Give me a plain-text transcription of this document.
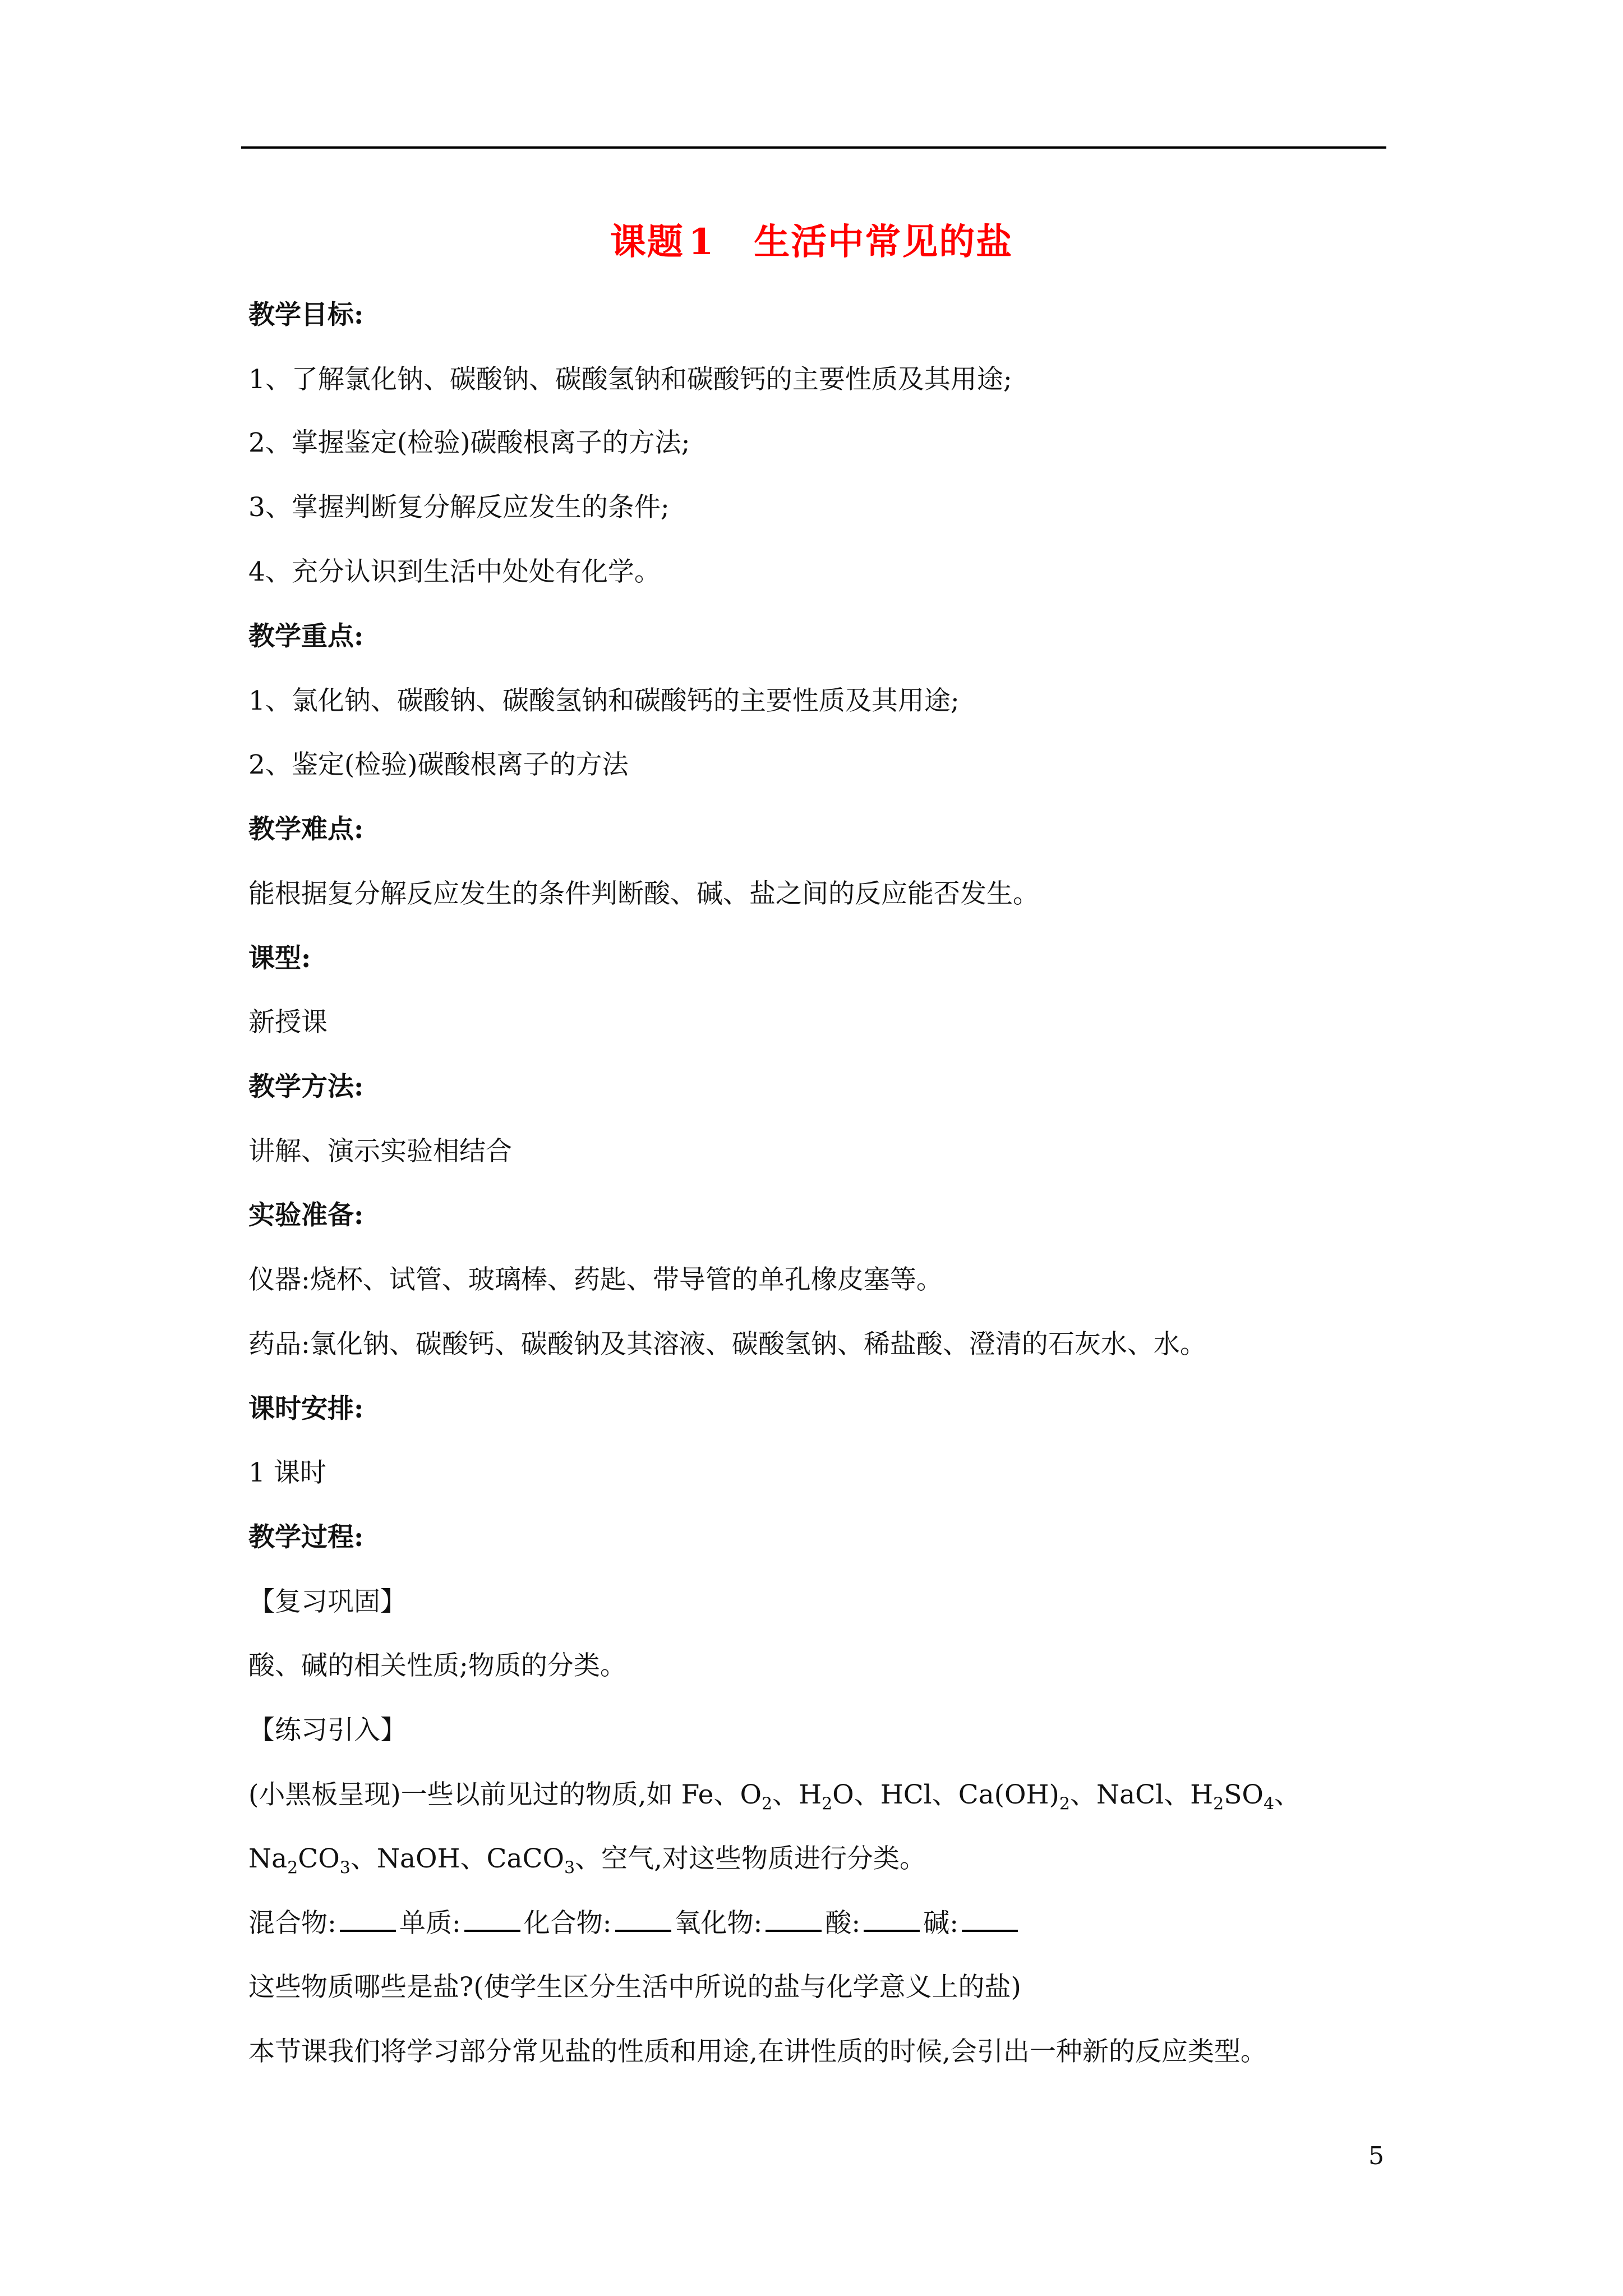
课题 1 生活中常见的盐
教学目标:
1、了解氯化钠、碳酸钠、碳酸氢钠和碳酸钙的主要性质及其用途;
2、掌握鉴定(检验)碳酸根离子的方法;
3、掌握判断复分解反应发生的条件;
4、充分认识到生活中处处有化学。
教学重点:
1、氯化钠、碳酸钠、碳酸氢钠和碳酸钙的主要性质及其用途;
2、鉴定(检验)碳酸根离子的方法
教学难点:
能根据复分解反应发生的条件判断酸、碱、盐之间的反应能否发生。
课型:
新授课
教学方法:
讲解、演示实验相结合
实验准备:
仪器:烧杯、试管、玻璃棒、药匙、带导管的单孔橡皮塞等。
药品:氯化钠、碳酸钙、碳酸钠及其溶液、碳酸氢钠、稀盐酸、澄清的石灰水、水。
课时安排:
1 课时
教学过程:
【复习巩固】
酸、碱的相关性质;物质的分类。
【练习引入】
(小黑板呈现)一些以前见过的物质,如 Fe、$O_2$、$H_2O$、HCl、$Ca(OH)_2$、NaCl、$H_2SO_4$、
$Na_2CO_3$、NaOH、CaCO$_3$、空气,对这些物质进行分类。
混合物: 单质: 化合物: 氧化物: 酸: 碱:
这些物质哪些是盐?(使学生区分生活中所说的盐与化学意义上的盐)
本节课我们将学习部分常见盐的性质和用途,在讲性质的时候,会引出一种新的反应类型。
5
